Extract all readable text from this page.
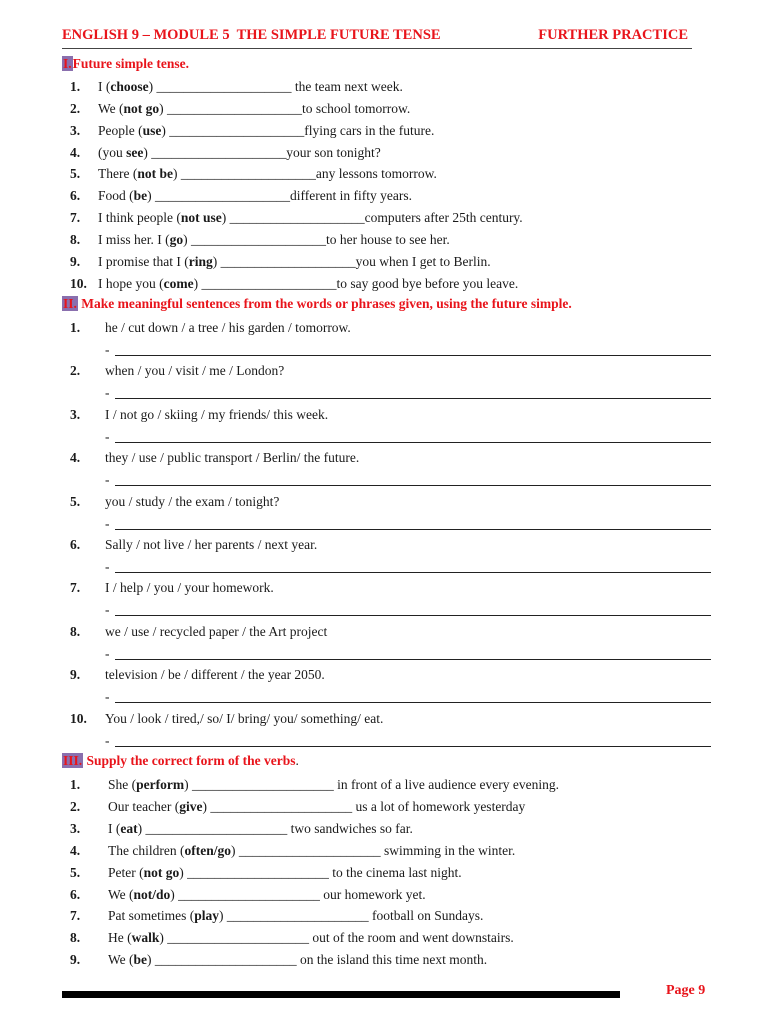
ENGLISH 9 – MODULE 5  THE SIMPLE FUTURE TENSE	FURTHER PRACTICE
I.Future simple tense.
1. I (choose) ____________________ the team next week.
2. We (not go) ____________________to school tomorrow.
3. People (use) ____________________flying cars in the future.
4. (you see) ____________________your son tonight?
5. There (not be) ____________________any lessons tomorrow.
6. Food (be) ____________________different in fifty years.
7. I think people (not use) ____________________computers after 25th century.
8. I miss her. I (go) ____________________to her house to see her.
9. I promise that I (ring) ____________________you when I get to Berlin.
10. I hope you (come) ____________________to say good bye before you leave.
II. Make meaningful sentences from the words or phrases given, using the future simple.
1. he / cut down / a tree / his garden / tomorrow.
-
2. when / you / visit / me / London?
-
3. I / not go / skiing / my friends/ this week.
-
4. they / use / public transport / Berlin/ the future.
-
5. you / study / the exam / tonight?
-
6. Sally / not live / her parents / next year.
-
7. I / help / you / your homework.
-
8. we / use / recycled paper / the Art project
-
9. television / be / different / the year 2050.
-
10. You / look / tired,/ so/ I/ bring/ you/ something/ eat.
-
III. Supply the correct form of the verbs.
1. She (perform) _____________________ in front of a live audience every evening.
2. Our teacher (give) _____________________ us a lot of homework yesterday
3. I (eat) _____________________ two sandwiches so far.
4. The children (often/go) _____________________ swimming in the winter.
5. Peter (not go) _____________________ to the cinema last night.
6. We (not/do) _____________________ our homework yet.
7. Pat sometimes (play) _____________________ football on Sundays.
8. He (walk) _____________________ out of the room and went downstairs.
9. We (be) _____________________ on the island this time next month.
Page 9
